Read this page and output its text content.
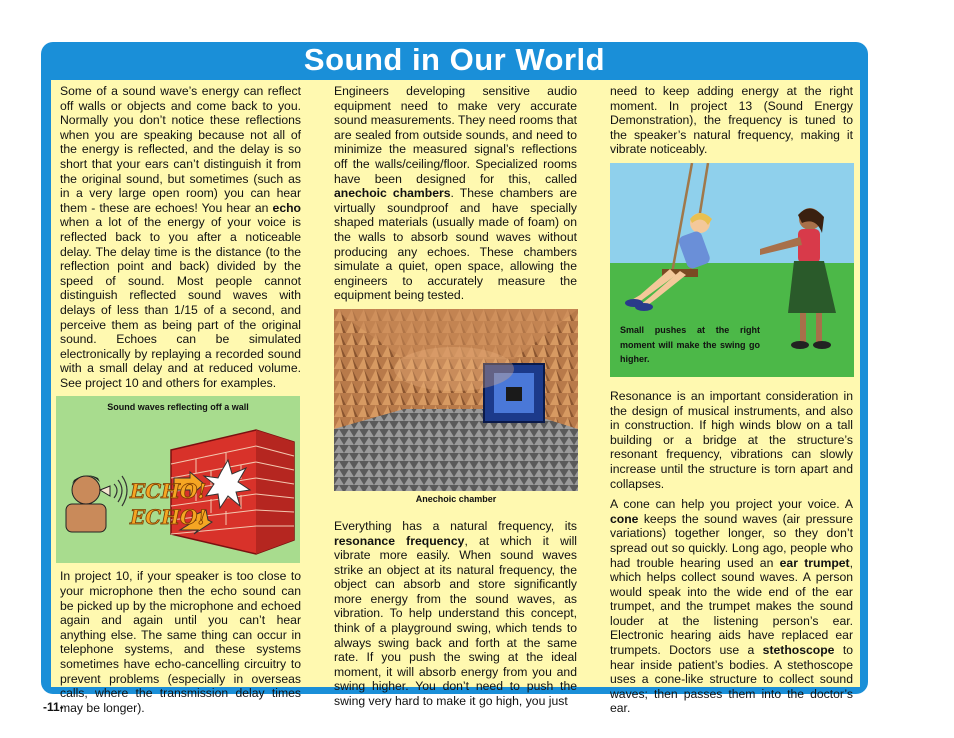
Sound in Our World

Some of a sound wave’s energy can reflect off walls or objects and come back to you. Normally you don’t notice these reflections when you are speaking because not all of the energy is reflected, and the delay is so short that your ears can’t distinguish it from the original sound, but sometimes (such as in a very large open room) you can hear them - these are echoes! You hear an echo when a lot of the energy of your voice is reflected back to you after a noticeable delay. The delay time is the distance (to the reflection point and back) divided by the speed of sound. Most people cannot distinguish reflected sound waves with delays of less than 1/15 of a second, and perceive them as being part of the original sound. Echoes can be simulated electronically by replaying a recorded sound with a small delay and at reduced volume. See project 10 and others for examples.

Sound waves reflecting off a wall
ECHO!
ECHO!

In project 10, if your speaker is too close to your microphone then the echo sound can be picked up by the microphone and echoed again and again until you can’t hear anything else. The same thing can occur in telephone systems, and these systems sometimes have echo-cancelling circuitry to prevent problems (especially in overseas calls, where the transmission delay times may be longer).

Engineers developing sensitive audio equipment need to make very accurate sound measurements. They need rooms that are sealed from outside sounds, and need to minimize the measured signal’s reflections off the walls/ceiling/floor. Specialized rooms have been designed for this, called anechoic chambers. These chambers are virtually soundproof and have specially shaped materials (usually made of foam) on the walls to absorb sound waves without producing any echoes. These chambers simulate a quiet, open space, allowing the engineers to accurately measure the equipment being tested.

Anechoic chamber

Everything has a natural frequency, its resonance frequency, at which it will vibrate more easily. When sound waves strike an object at its natural frequency, the object can absorb and store significantly more energy from the sound waves, as vibration. To help understand this concept, think of a playground swing, which tends to always swing back and forth at the same rate. If you push the swing at the ideal moment, it will absorb energy from you and swing higher. You don’t need to push the swing very hard to make it go high, you just

need to keep adding energy at the right moment. In project 13 (Sound Energy Demonstration), the frequency is tuned to the speaker’s natural frequency, making it vibrate noticeably.

Small pushes at the right moment will make the swing go higher.

Resonance is an important consideration in the design of musical instruments, and also in construction. If high winds blow on a tall building or a bridge at the structure’s resonant frequency, vibrations can slowly increase until the structure is torn apart and collapses.

A cone can help you project your voice. A cone keeps the sound waves (air pressure variations) together longer, so they don’t spread out so quickly. Long ago, people who had trouble hearing used an ear trumpet, which helps collect sound waves. A person would speak into the wide end of the ear trumpet, and the trumpet makes the sound louder at the listening person’s ear. Electronic hearing aids have replaced ear trumpets. Doctors use a stethoscope to hear inside patient’s bodies. A stethoscope uses a cone-like structure to collect sound waves; then passes them into the doctor’s ear.

-11-
